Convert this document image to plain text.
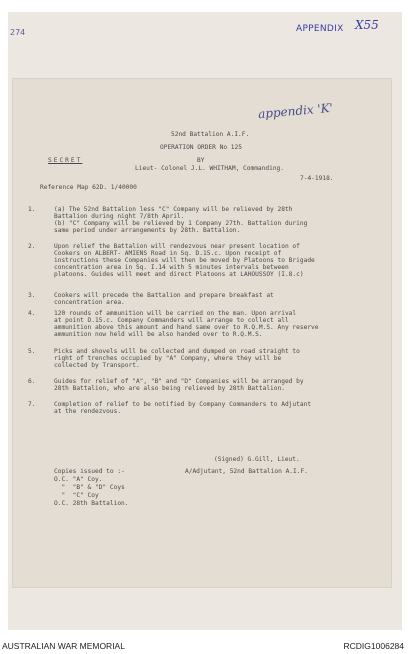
274	APPENDIX X55
appendix 'K'
52nd Battalion A.I.F.
OPERATION ORDER No 125
BY
SECRET
Lieut- Colonel J.L. WHITHAM, Commanding.
7-4-1918.
Reference Map 62D. 1/40000
1.	(a) The 52nd Battalion less "C" Company will be relieved by 28th
Battalion during night 7/8th April.
(b) "C" Company will be relieved by 1 Company 27th. Battalion during
same period under arrangements by 28th. Battalion.
2.	Upon relief the Battalion will rendezvous near present location of
Cookers on ALBERT- AMIENS Road in Sq. D.15.c. Upon receipt of
instructions these Companies will then be moved by Platoons to Brigade
concentration area in Sq. I.14 with 5 minutes intervals between
platoons. Guides will meet and direct Platoons at LAHOUSSOY (I.8.c)
3.	Cookers will precede the Battalion and prepare breakfast at
concentration area.
4.	120 rounds of ammunition will be carried on the man. Upon arrival
at point D.15.c. Company Commanders will arrange to collect all
ammunition above this amount and hand same over to R.Q.M.S. Any reserve
ammunition now held will be also handed over to R.Q.M.S.
5.	Picks and shovels will be collected and dumped on road straight to
right of trenches occupied by "A" Company, where they will be
collected by Transport.
6.	Guides for relief of "A", "B" and "D" Companies will be arranged by
28th Battalion, who are also being relieved by 28th Battalion.
7.	Completion of relief to be notified by Company Commanders to Adjutant
at the rendezvous.
(Signed) G.Gill, Lieut.
A/Adjutant, 52nd Battalion A.I.F.
Copies issued to :-
O.C. "A" Coy.
"  "B" & "D" Coys
"  "C" Coy
O.C. 28th Battalion.
AUSTRALIAN WAR MEMORIAL	RCDIG1006284
